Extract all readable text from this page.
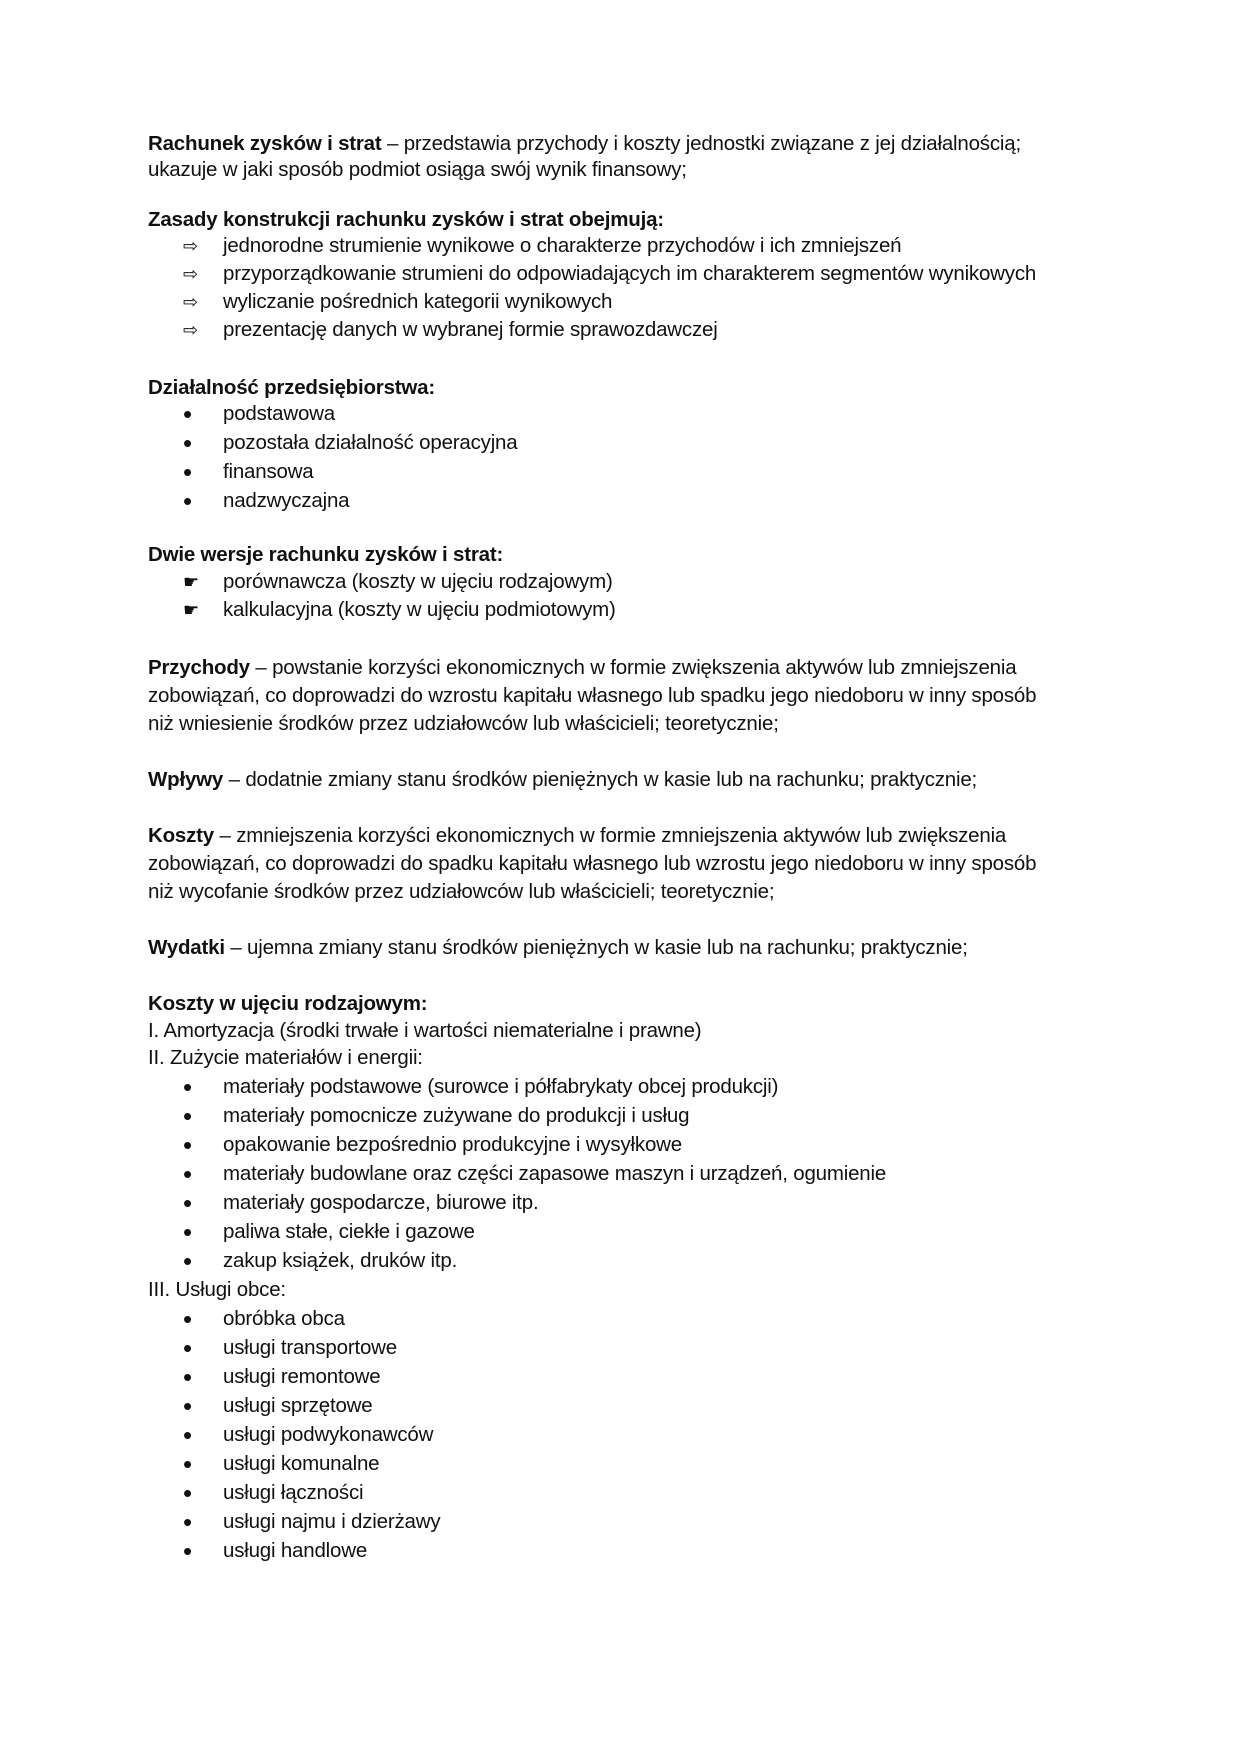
Rachunek zysków i strat – przedstawia przychody i koszty jednostki związane z jej działalnością;
ukazuje w jaki sposób podmiot osiąga swój wynik finansowy;
Zasady konstrukcji rachunku zysków i strat obejmują:
⇨	jednorodne strumienie wynikowe o charakterze przychodów i ich zmniejszeń
⇨	przyporządkowanie strumieni do odpowiadających im charakterem segmentów wynikowych
⇨	wyliczanie pośrednich kategorii wynikowych
⇨	prezentację danych w wybranej formie sprawozdawczej
Działalność przedsiębiorstwa:
•	podstawowa
•	pozostała działalność operacyjna
•	finansowa
•	nadzwyczajna
Dwie wersje rachunku zysków i strat:
☛	porównawcza (koszty w ujęciu rodzajowym)
☛	kalkulacyjna (koszty w ujęciu podmiotowym)
Przychody – powstanie korzyści ekonomicznych w formie zwiększenia aktywów lub zmniejszenia
zobowiązań, co doprowadzi do wzrostu kapitału własnego lub spadku jego niedoboru w inny sposób
niż wniesienie środków przez udziałowców lub właścicieli; teoretycznie;
Wpływy – dodatnie zmiany stanu środków pieniężnych w kasie lub na rachunku; praktycznie;
Koszty – zmniejszenia korzyści ekonomicznych w formie zmniejszenia aktywów lub zwiększenia
zobowiązań, co doprowadzi do spadku kapitału własnego lub wzrostu jego niedoboru w inny sposób
niż wycofanie środków przez udziałowców lub właścicieli; teoretycznie;
Wydatki – ujemna zmiany stanu środków pieniężnych w kasie lub na rachunku; praktycznie;
Koszty w ujęciu rodzajowym:
I. Amortyzacja (środki trwałe i wartości niematerialne i prawne)
II. Zużycie materiałów i energii:
•	materiały podstawowe (surowce i półfabrykaty obcej produkcji)
•	materiały pomocnicze zużywane do produkcji i usług
•	opakowanie bezpośrednio produkcyjne i wysyłkowe
•	materiały budowlane oraz części zapasowe maszyn i urządzeń, ogumienie
•	materiały gospodarcze, biurowe itp.
•	paliwa stałe, ciekłe i gazowe
•	zakup książek, druków itp.
III. Usługi obce:
•	obróbka obca
•	usługi transportowe
•	usługi remontowe
•	usługi sprzętowe
•	usługi podwykonawców
•	usługi komunalne
•	usługi łączności
•	usługi najmu i dzierżawy
•	usługi handlowe
